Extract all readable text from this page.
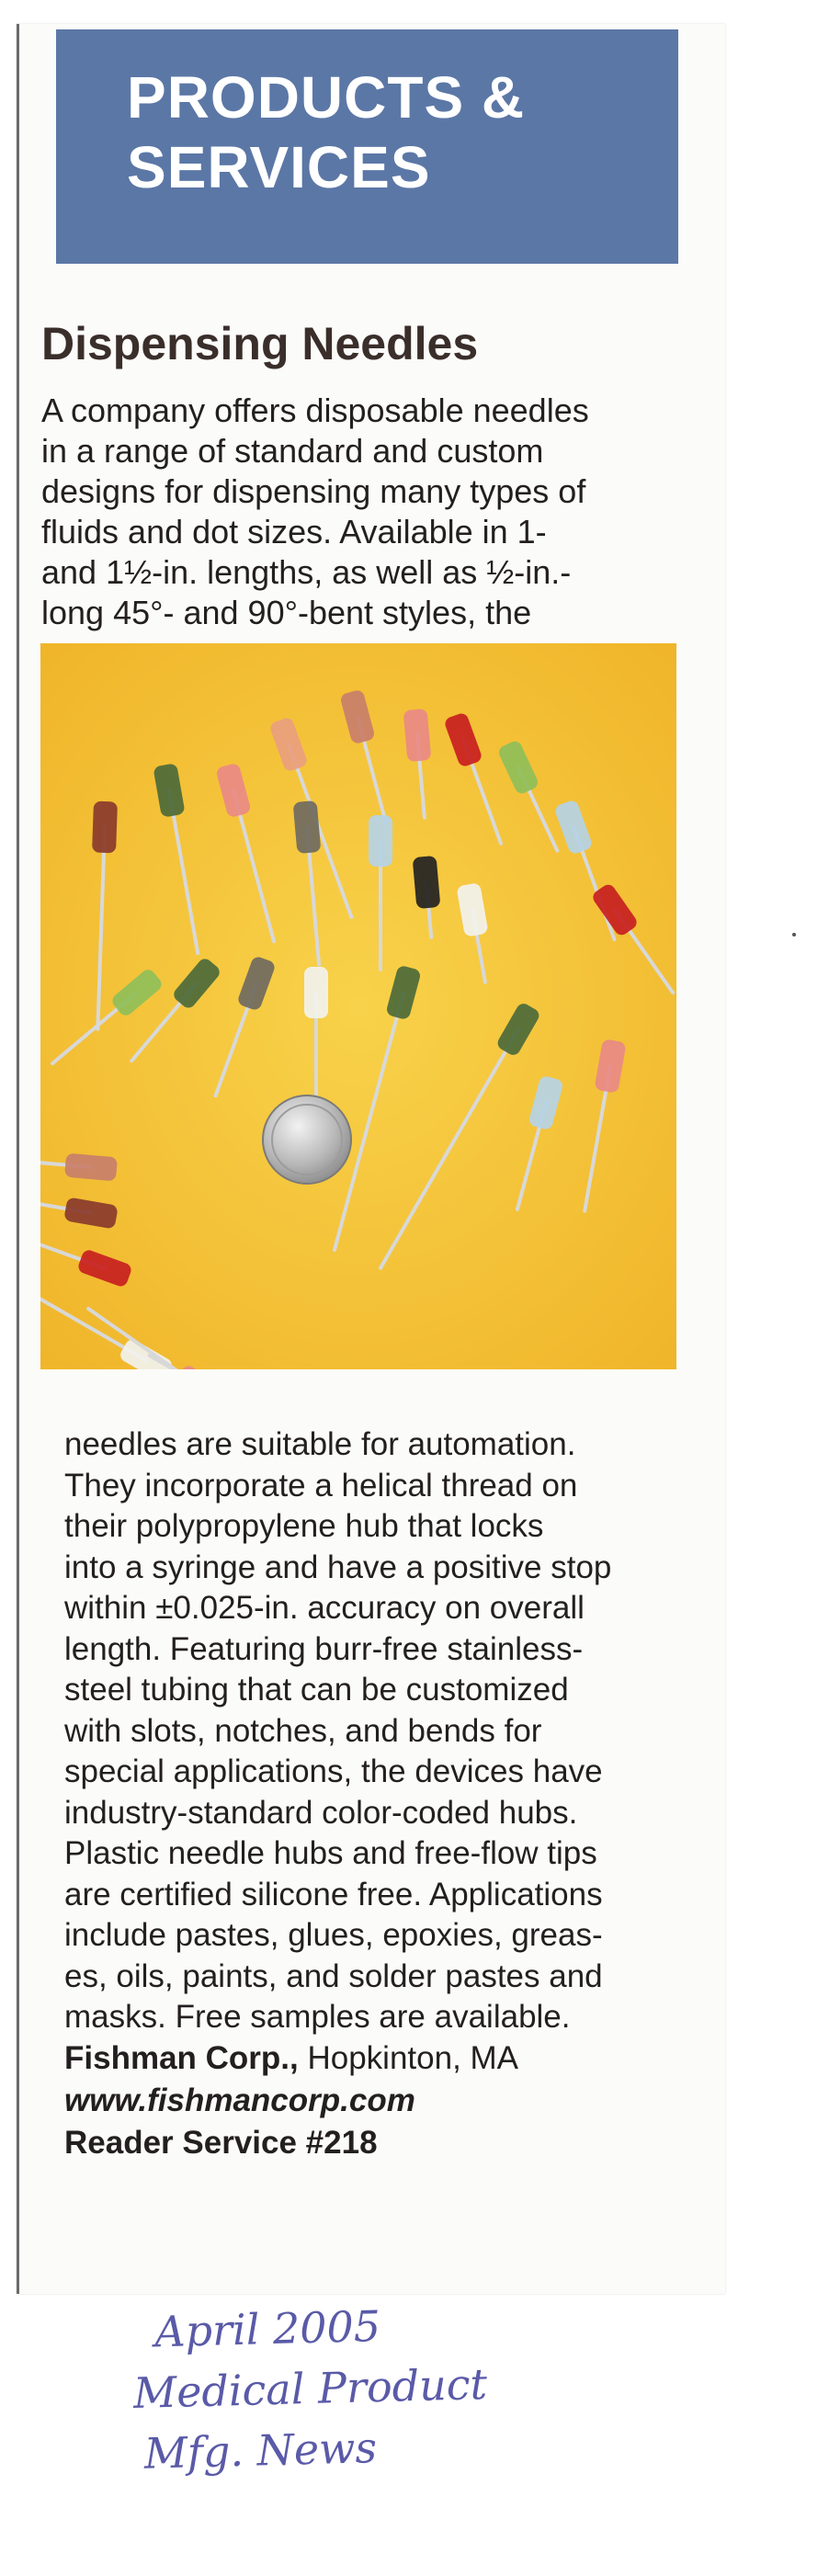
PRODUCTS &
SERVICES
Dispensing Needles
A company offers disposable needles
in a range of standard and custom
designs for dispensing many types of
fluids and dot sizes. Available in 1-
and 1½-in. lengths, as well as ½-in.-
long 45°- and 90°-bent styles, the
needles are suitable for automation.
They incorporate a helical thread on
their polypropylene hub that locks
into a syringe and have a positive stop
within ±0.025-in. accuracy on overall
length. Featuring burr-free stainless-
steel tubing that can be customized
with slots, notches, and bends for
special applications, the devices have
industry-standard color-coded hubs.
Plastic needle hubs and free-flow tips
are certified silicone free. Applications
include pastes, glues, epoxies, greas-
es, oils, paints, and solder pastes and
masks. Free samples are available.
Fishman Corp., Hopkinton, MA
www.fishmancorp.com
Reader Service #218
April 2005
Medical Product
Mfg. News
